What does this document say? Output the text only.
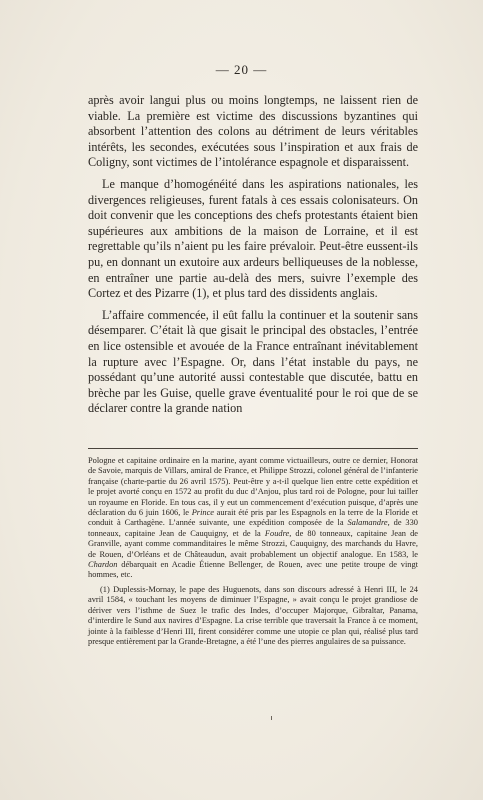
— 20 —

après avoir langui plus ou moins longtemps, ne laissent rien de viable. La première est victime des discussions byzantines qui absorbent l’attention des colons au détriment de leurs véritables intérêts, les secondes, exécutées sous l’inspiration et aux frais de Coligny, sont victimes de l’intolérance espagnole et disparaissent.

Le manque d’homogénéité dans les aspirations nationales, les divergences religieuses, furent fatals à ces essais colonisateurs. On doit convenir que les conceptions des chefs protestants étaient bien supérieures aux ambitions de la maison de Lorraine, et il est regrettable qu’ils n’aient pu les faire prévaloir. Peut-être eussent-ils pu, en donnant un exutoire aux ardeurs belliqueuses de la noblesse, en entraîner une partie au-delà des mers, suivre l’exemple des Cortez et des Pizarre (1), et plus tard des dissidents anglais.

L’affaire commencée, il eût fallu la continuer et la soutenir sans désemparer. C’était là que gisait le principal des obstacles, l’entrée en lice ostensible et avouée de la France entraînant inévitablement la rupture avec l’Espagne. Or, dans l’état instable du pays, ne possédant qu’une autorité aussi contestable que discutée, battu en brèche par les Guise, quelle grave éventualité pour le roi que de se déclarer contre la grande nation

Pologne et capitaine ordinaire en la marine, ayant comme victuailleurs, outre ce dernier, Honorat de Savoie, marquis de Villars, amiral de France, et Philippe Strozzi, colonel général de l’infanterie française (charte-partie du 26 avril 1575). Peut-être y a-t-il quelque lien entre cette expédition et le projet avorté conçu en 1572 au profit du duc d’Anjou, plus tard roi de Pologne, pour lui tailler un royaume en Floride. En tous cas, il y eut un commencement d’exécution puisque, d’après une déclaration du 6 juin 1606, le Prince aurait été pris par les Espagnols en la terre de la Floride et conduit à Carthagène. L’année suivante, une expédition composée de la Salamandre, de 330 tonneaux, capitaine Jean de Cauquigny, et de la Foudre, de 80 tonneaux, capitaine Jean de Granville, ayant comme commanditaires le même Strozzi, Cauquigny, des marchands du Havre, de Rouen, d’Orléans et de Châteaudun, avait probablement un objectif analogue. En 1583, le Chardon débarquait en Acadie Étienne Bellenger, de Rouen, avec une petite troupe de vingt hommes, etc.

(1) Duplessis-Mornay, le pape des Huguenots, dans son discours adressé à Henri III, le 24 avril 1584, « touchant les moyens de diminuer l’Espagne, » avait conçu le projet grandiose de dériver vers l’isthme de Suez le trafic des Indes, d’occuper Majorque, Gibraltar, Panama, d’interdire le Sund aux navires d’Espagne. La crise terrible que traversait la France à ce moment, jointe à la faiblesse d’Henri III, firent considérer comme une utopie ce plan qui, réalisé plus tard presque entièrement par la Grande-Bretagne, a été l’une des pierres angulaires de sa puissance.
